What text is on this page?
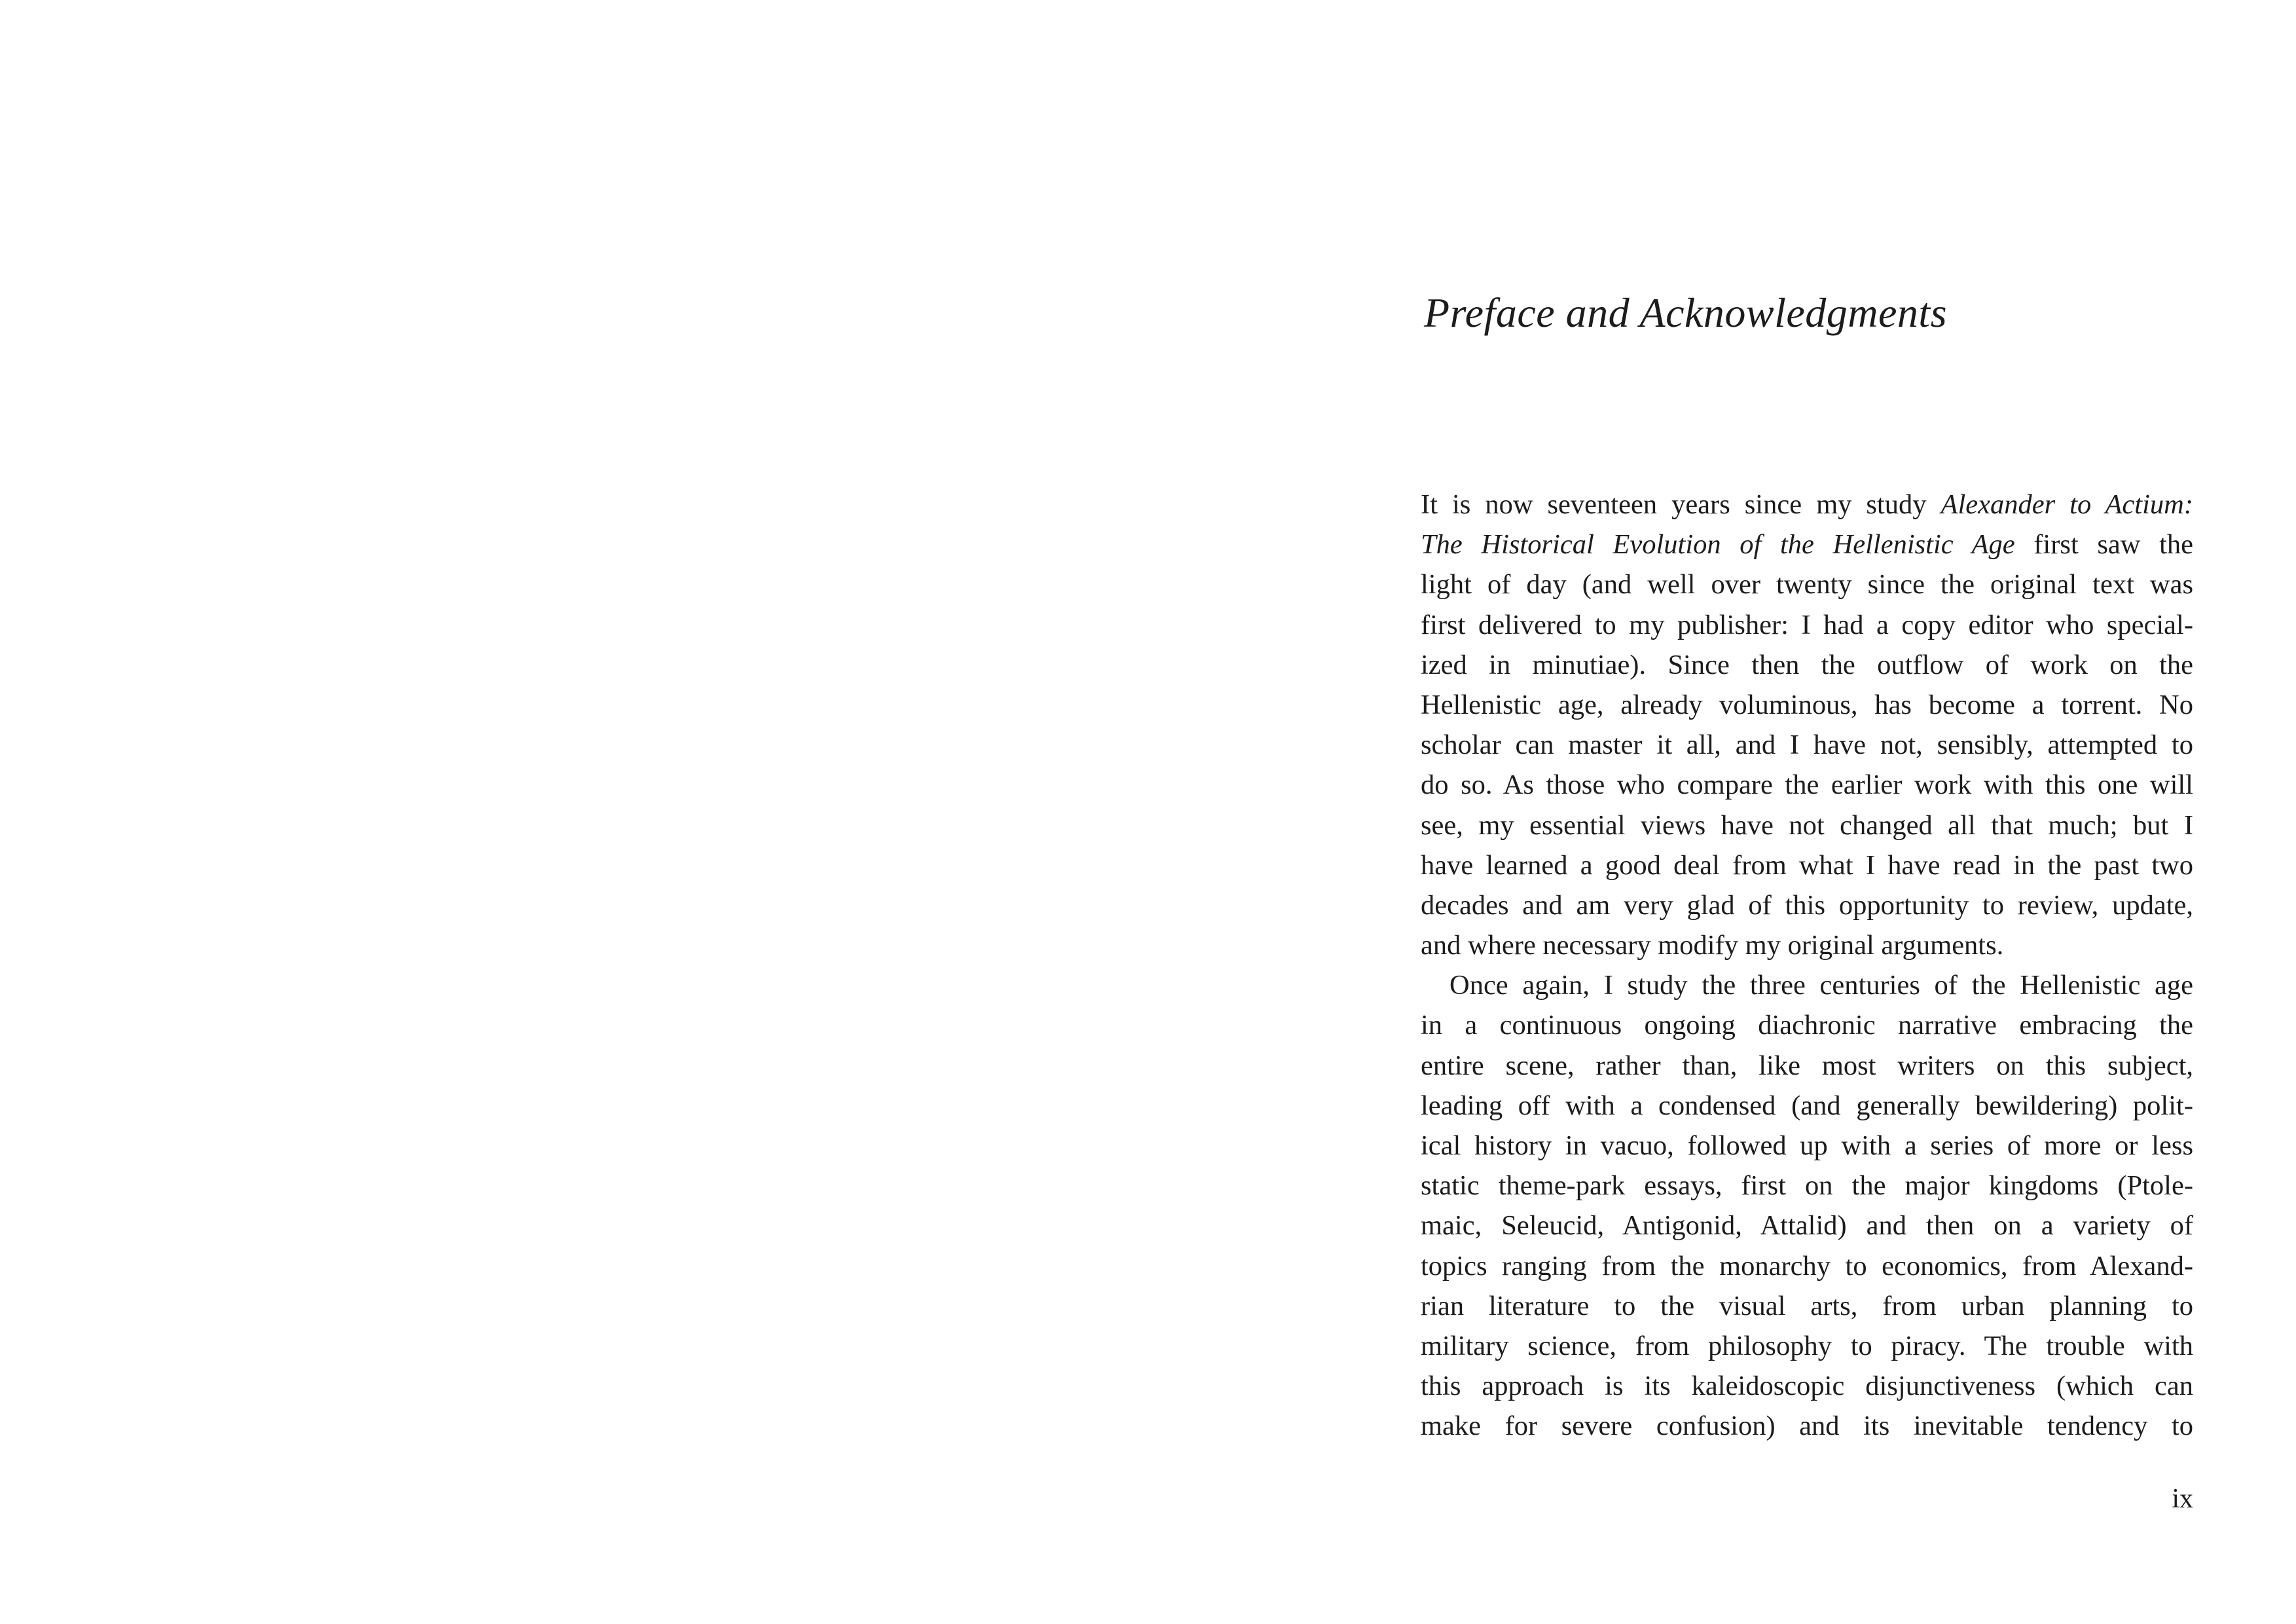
Preface and Acknowledgments
It is now seventeen years since my study Alexander to Actium:
The Historical Evolution of the Hellenistic Age first saw the
light of day (and well over twenty since the original text was
first delivered to my publisher: I had a copy editor who special-
ized in minutiae). Since then the outflow of work on the
Hellenistic age, already voluminous, has become a torrent. No
scholar can master it all, and I have not, sensibly, attempted to
do so. As those who compare the earlier work with this one will
see, my essential views have not changed all that much; but I
have learned a good deal from what I have read in the past two
decades and am very glad of this opportunity to review, update,
and where necessary modify my original arguments.
Once again, I study the three centuries of the Hellenistic age
in a continuous ongoing diachronic narrative embracing the
entire scene, rather than, like most writers on this subject,
leading off with a condensed (and generally bewildering) polit-
ical history in vacuo, followed up with a series of more or less
static theme-park essays, first on the major kingdoms (Ptole-
maic, Seleucid, Antigonid, Attalid) and then on a variety of
topics ranging from the monarchy to economics, from Alexand-
rian literature to the visual arts, from urban planning to
military science, from philosophy to piracy. The trouble with
this approach is its kaleidoscopic disjunctiveness (which can
make for severe confusion) and its inevitable tendency to
ix
